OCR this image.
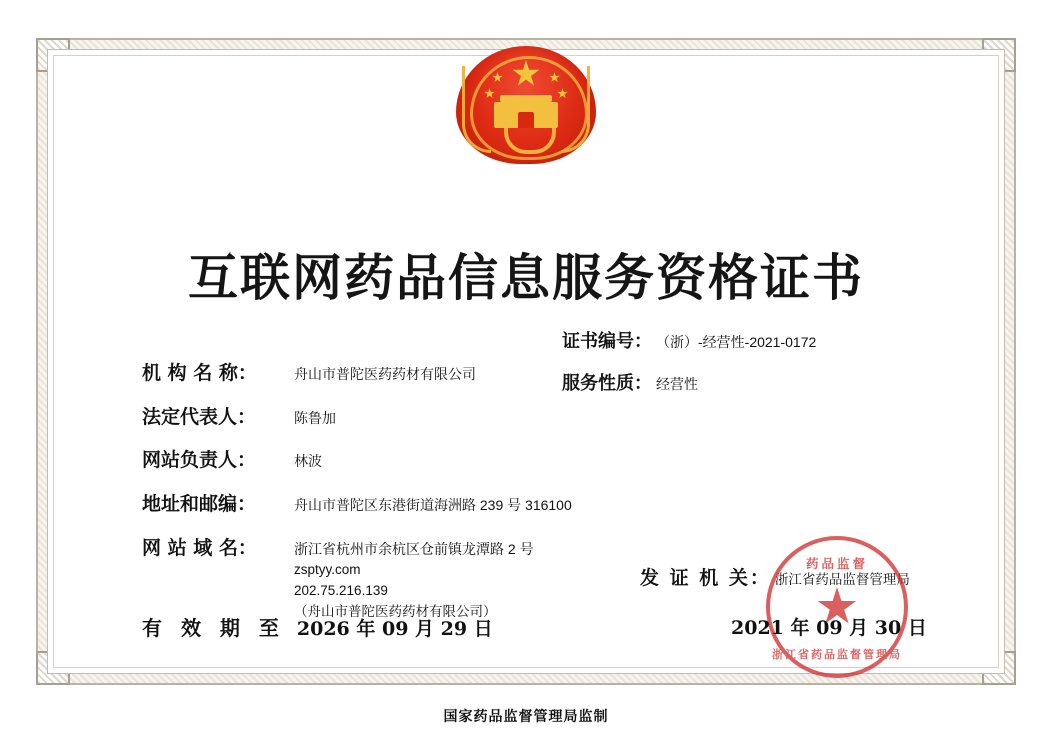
互联网药品信息服务资格证书
证书编号： （浙）-经营性-2021-0172
服务性质： 经营性
机 构 名 称：	舟山市普陀医药药材有限公司
法定代表人：	陈鲁加
网站负责人：	林波
地址和邮编：	舟山市普陀区东港街道海洲路 239 号 316100
网 站 域 名：	浙江省杭州市余杭区仓前镇龙潭路 2 号
zsptyy.com
202.75.216.139
（舟山市普陀医药药材有限公司）
发 证 机 关： 浙江省药品监督管理局
药品监督
浙江省药品监督管理局
有 效 期 至 2026 年 09 月 29 日	2021 年 09 月 30 日
国家药品监督管理局监制
